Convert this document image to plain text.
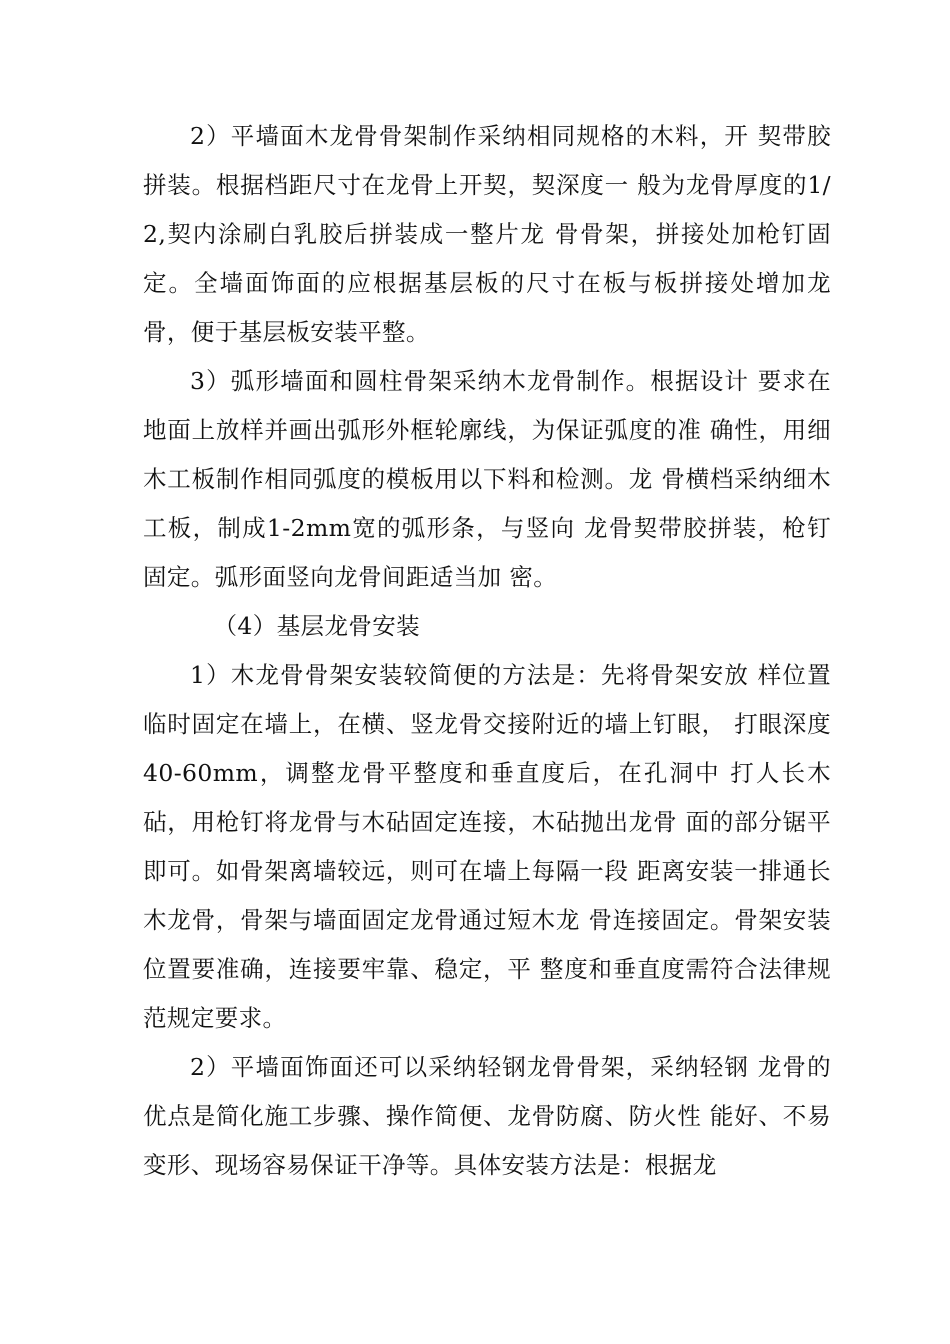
2）平墙面木龙骨骨架制作采纳相同规格的木料，开 契带胶拼装。根据档距尺寸在龙骨上开契，契深度一 般为龙骨厚度的1/2,契内涂刷白乳胶后拼装成一整片龙 骨骨架，拼接处加枪钉固定。全墙面饰面的应根据基层板的尺寸在板与板拼接处增加龙骨，便于基层板安装平整。

3）弧形墙面和圆柱骨架采纳木龙骨制作。根据设计 要求在地面上放样并画出弧形外框轮廓线，为保证弧度的准 确性，用细木工板制作相同弧度的模板用以下料和检测。龙 骨横档采纳细木工板，制成1-2mm宽的弧形条，与竖向 龙骨契带胶拼装，枪钉固定。弧形面竖向龙骨间距适当加 密。

（4）基层龙骨安装

1）木龙骨骨架安装较简便的方法是：先将骨架安放 样位置临时固定在墙上，在横、竖龙骨交接附近的墙上钉眼， 打眼深度40-60mm，调整龙骨平整度和垂直度后，在孔洞中 打人长木砧，用枪钉将龙骨与木砧固定连接，木砧抛出龙骨 面的部分锯平即可。如骨架离墙较远，则可在墙上每隔一段 距离安装一排通长木龙骨，骨架与墙面固定龙骨通过短木龙 骨连接固定。骨架安装位置要准确，连接要牢靠、稳定，平 整度和垂直度需符合法律规范规定要求。

2）平墙面饰面还可以采纳轻钢龙骨骨架，采纳轻钢 龙骨的优点是简化施工步骤、操作简便、龙骨防腐、防火性 能好、不易变形、现场容易保证干净等。具体安装方法是：根据龙
